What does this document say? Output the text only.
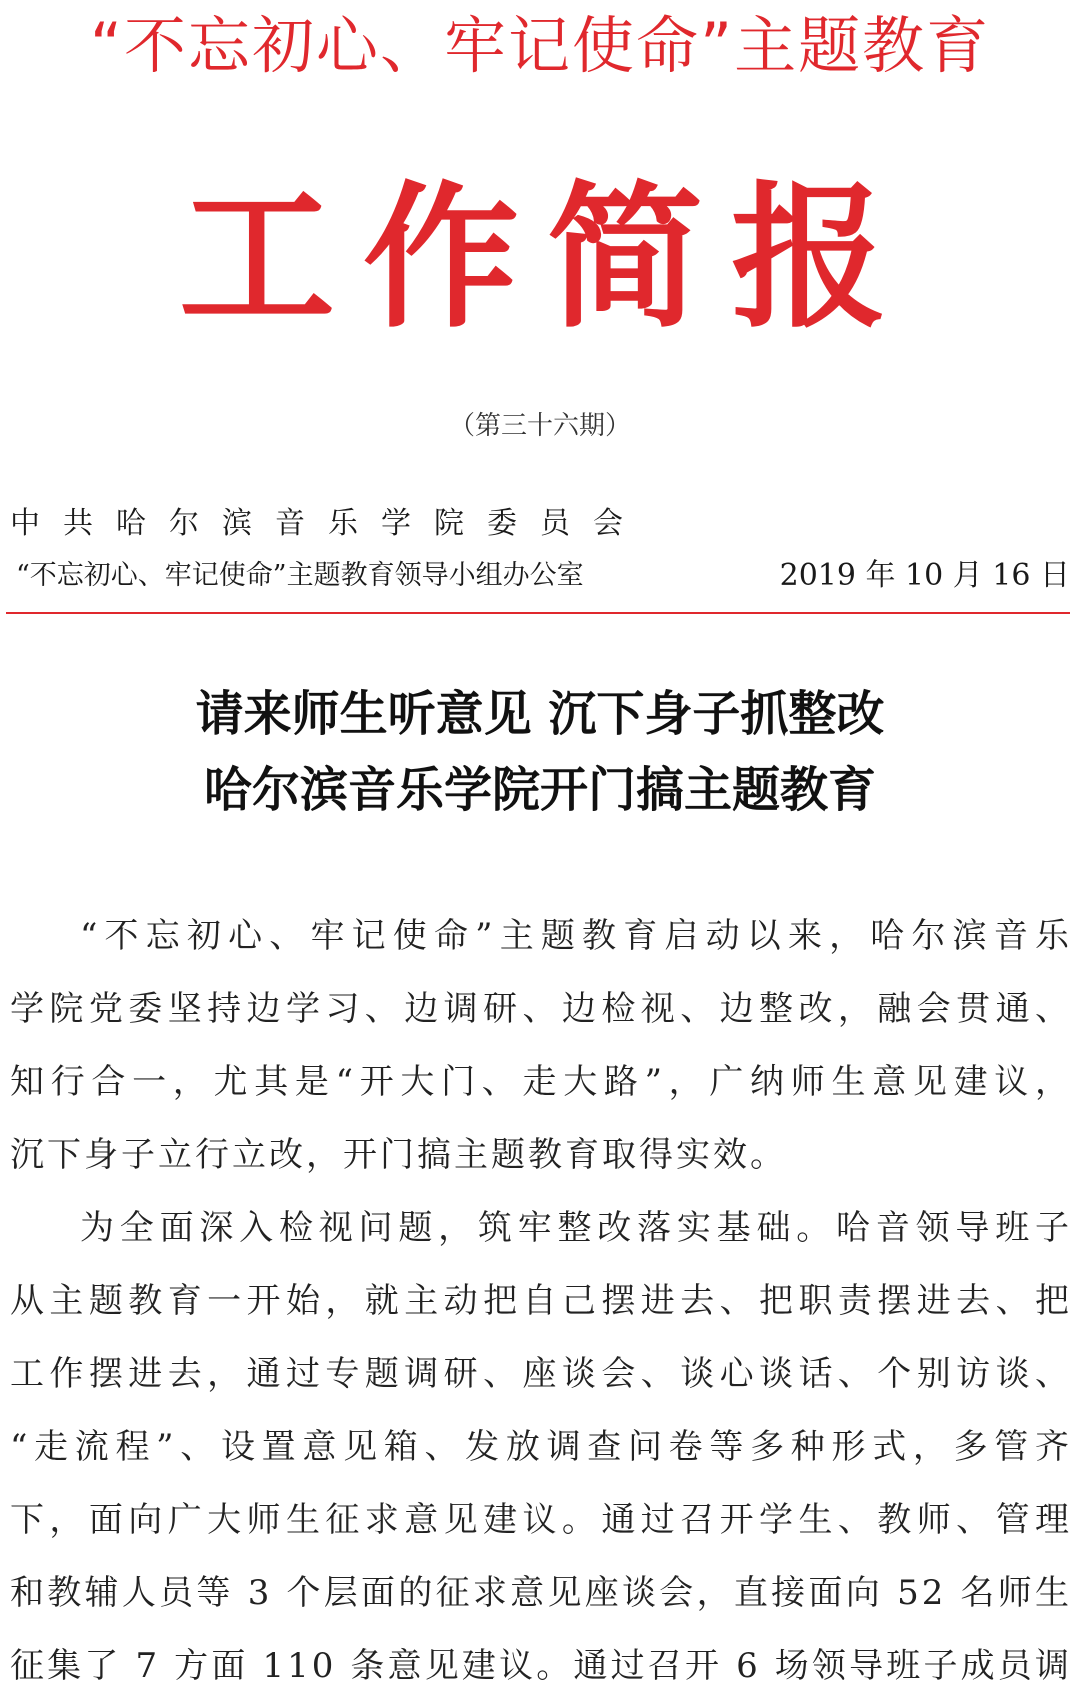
“不忘初心、牢记使命”主题教育
工作简报
（第三十六期）
中共哈尔滨音乐学院委员会
“不忘初心、牢记使命”主题教育领导小组办公室	2019 年 10 月 16 日
请来师生听意见 沉下身子抓整改
哈尔滨音乐学院开门搞主题教育
“不忘初心、牢记使命”主题教育启动以来，哈尔滨音乐
学院党委坚持边学习、边调研、边检视、边整改，融会贯通、
知行合一，尤其是“开大门、走大路”，广纳师生意见建议，
沉下身子立行立改，开门搞主题教育取得实效。
为全面深入检视问题，筑牢整改落实基础。哈音领导班子
从主题教育一开始，就主动把自己摆进去、把职责摆进去、把
工作摆进去，通过专题调研、座谈会、谈心谈话、个别访谈、
“走流程”、设置意见箱、发放调查问卷等多种形式，多管齐
下，面向广大师生征求意见建议。通过召开学生、教师、管理
和教辅人员等 3 个层面的征求意见座谈会，直接面向 52 名师生
征集了 7 方面 110 条意见建议。通过召开 6 场领导班子成员调
